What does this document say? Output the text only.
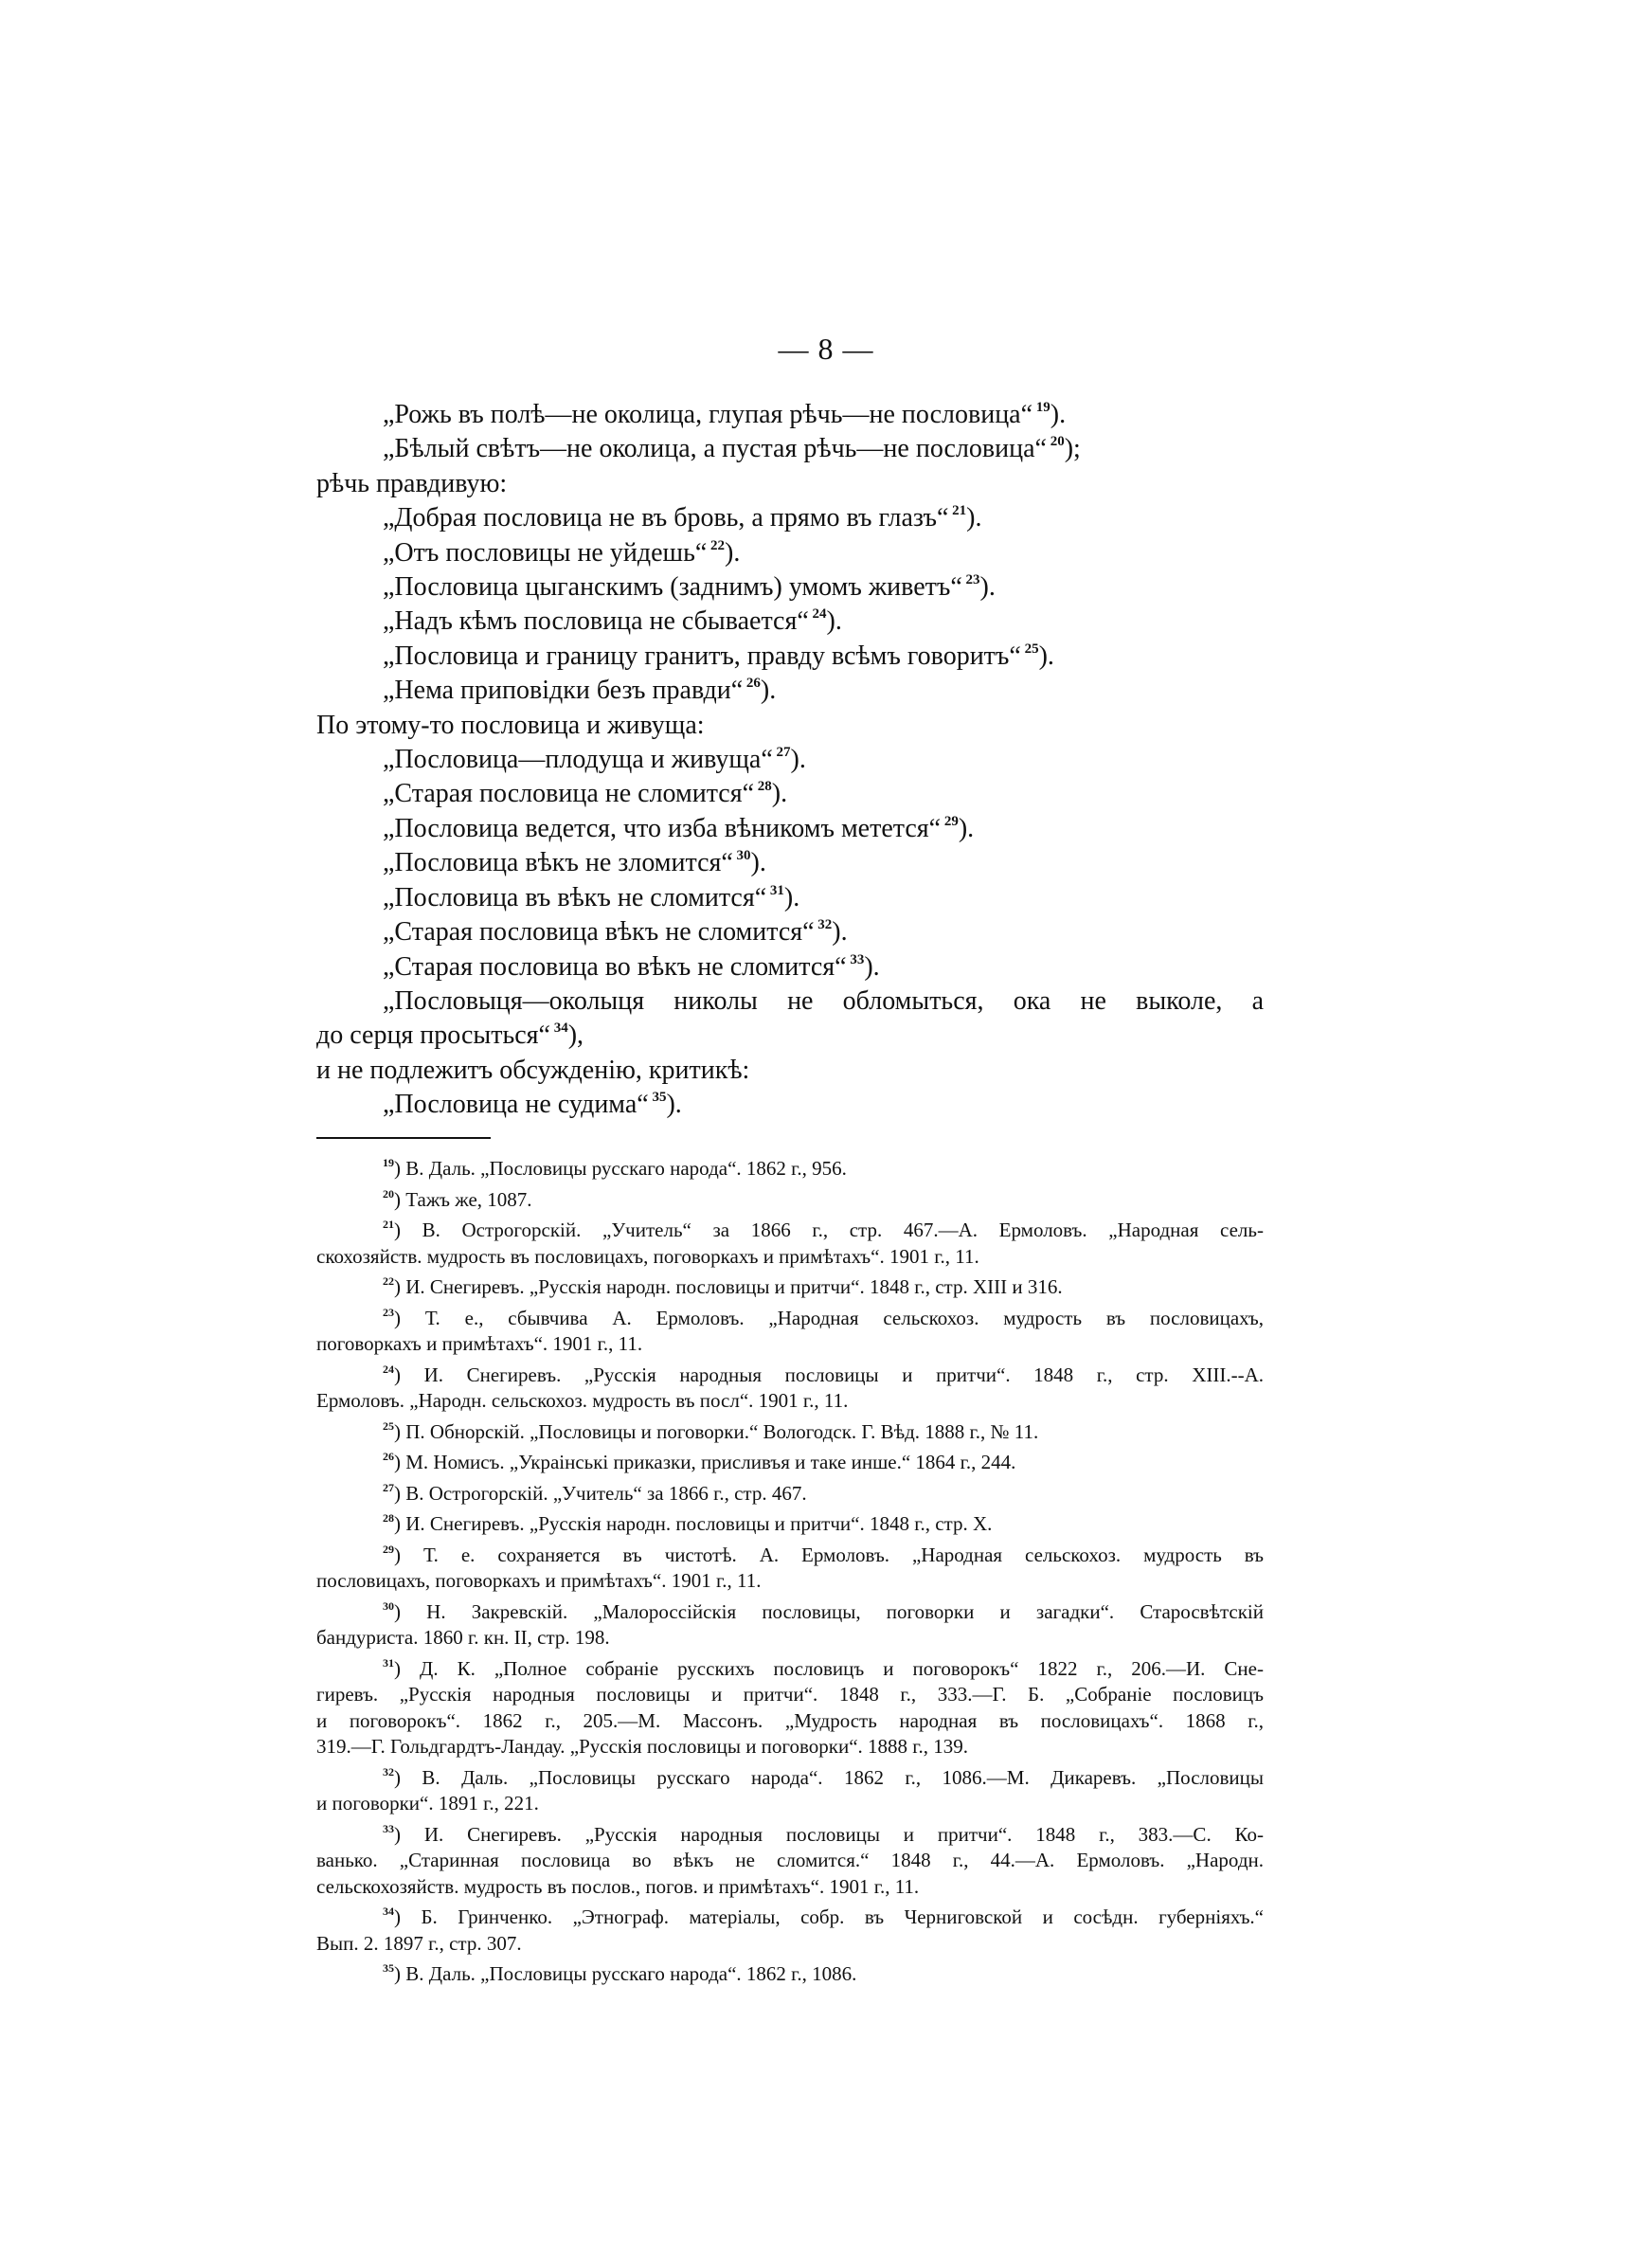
— 8 —
„Рожь въ полѣ—не околица, глупая рѣчь—не пословица“ $^{19}$).
„Бѣлый свѣтъ—не околица, а пустая рѣчь—не пословица“ $^{20}$);
рѣчь правдивую:
„Добрая пословица не въ бровь, а прямо въ глазъ“ $^{21}$).
„Отъ пословицы не уйдешь“ $^{22}$).
„Пословица цыганскимъ (заднимъ) умомъ живетъ“ $^{23}$).
„Надъ кѣмъ пословица не сбывается“ $^{24}$).
„Пословица и границу гранитъ, правду всѣмъ говоритъ“ $^{25}$).
„Нема приповідки безъ правди“ $^{26}$).
По этому-то пословица и живуща:
„Пословица—плодуща и живуща“ $^{27}$).
„Старая пословица не сломится“ $^{28}$).
„Пословица ведется, что изба вѣникомъ метется“ $^{29}$).
„Пословица вѣкъ не зломится“ $^{30}$).
„Пословица въ вѣкъ не сломится“ $^{31}$).
„Старая пословица вѣкъ не сломится“ $^{32}$).
„Старая пословица во вѣкъ не сломится“ $^{33}$).
„Пословыця—околыця николы не обломыться, ока не выколе, а
до серця просыться“ $^{34}$),
и не подлежитъ обсужденію, критикѣ:
„Пословица не судима“ $^{35}$).
$^{19}$) В. Даль. „Пословицы русскаго народа“. 1862 г., 956.
$^{20}$) Тажъ же, 1087.
$^{21}$) В. Острогорскій. „Учитель“ за 1866 г., стр. 467.—А. Ермоловъ. „Народная сель-
скохозяйств. мудрость въ пословицахъ, поговоркахъ и примѣтахъ“. 1901 г., 11.
$^{22}$) И. Снегиревъ. „Русскія народн. пословицы и притчи“. 1848 г., стр. XIII и 316.
$^{23}$) Т. е., сбывчива А. Ермоловъ. „Народная сельскохоз. мудрость въ пословицахъ,
поговоркахъ и примѣтахъ“. 1901 г., 11.
$^{24}$) И. Снегиревъ. „Русскія народныя пословицы и притчи“. 1848 г., стр. XIII.--А.
Ермоловъ. „Народн. сельскохоз. мудрость въ посл“. 1901 г., 11.
$^{25}$) П. Обнорскій. „Пословицы и поговорки.“ Вологодск. Г. Вѣд. 1888 г., № 11.
$^{26}$) М. Номисъ. „Украінські приказки, присливъя и таке инше.“ 1864 г., 244.
$^{27}$) В. Острогорскій. „Учитель“ за 1866 г., стр. 467.
$^{28}$) И. Снегиревъ. „Русскія народн. пословицы и притчи“. 1848 г., стр. X.
$^{29}$) Т. е. сохраняется въ чистотѣ. А. Ермоловъ. „Народная сельскохоз. мудрость въ
пословицахъ, поговоркахъ и примѣтахъ“. 1901 г., 11.
$^{30}$) Н. Закревскій. „Малороссійскія пословицы, поговорки и загадки“. Старосвѣтскій
бандуриста. 1860 г. кн. II, стр. 198.
$^{31}$) Д. К. „Полное собраніе русскихъ пословицъ и поговорокъ“ 1822 г., 206.—И. Сне-
гиревъ. „Русскія народныя пословицы и притчи“. 1848 г., 333.—Г. Б. „Собраніе пословицъ
и поговорокъ“. 1862 г., 205.—М. Массонъ. „Мудрость народная въ пословицахъ“. 1868 г.,
319.—Г. Гольдгардтъ-Ландау. „Русскія пословицы и поговорки“. 1888 г., 139.
$^{32}$) В. Даль. „Пословицы русскаго народа“. 1862 г., 1086.—М. Дикаревъ. „Пословицы
и поговорки“. 1891 г., 221.
$^{33}$) И. Снегиревъ. „Русскія народныя пословицы и притчи“. 1848 г., 383.—С. Ко-
ванько. „Старинная пословица во вѣкъ не сломится.“ 1848 г., 44.—А. Ермоловъ. „Народн.
сельскохозяйств. мудрость въ послов., погов. и примѣтахъ“. 1901 г., 11.
$^{34}$) Б. Гринченко. „Этнограф. матеріалы, собр. въ Черниговской и сосѣдн. губерніяхъ.“
Вып. 2. 1897 г., стр. 307.
$^{35}$) В. Даль. „Пословицы русскаго народа“. 1862 г., 1086.
